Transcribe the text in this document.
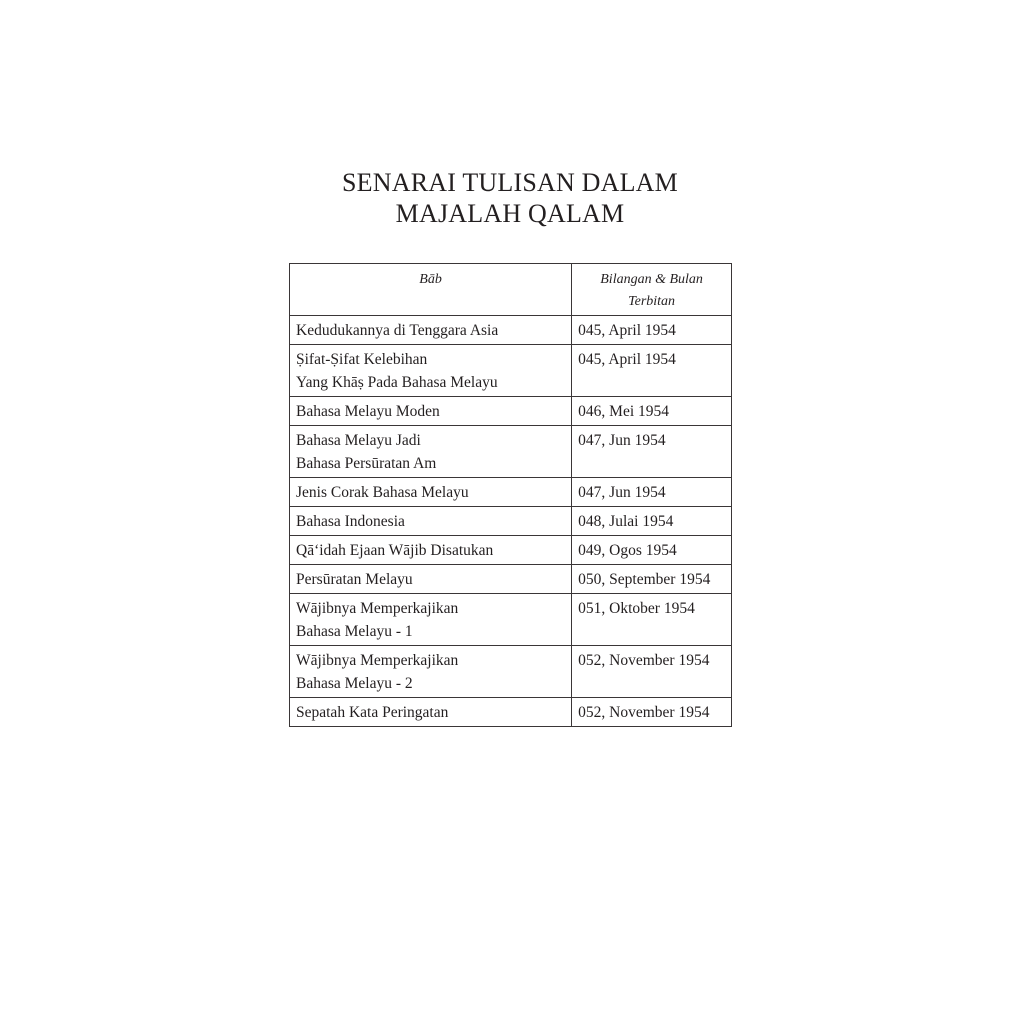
SENARAI TULISAN DALAM
MAJALAH QALAM
Bāb	Bilangan & Bulan
Terbitan

Kedudukannya di Tenggara Asia	045, April 1954

Ṣifat-Ṣifat Kelebihan
Yang Khāṣ Pada Bahasa Melayu	045, April 1954

Bahasa Melayu Moden	046, Mei 1954

Bahasa Melayu Jadi
Bahasa Persūratan Am	047, Jun 1954

Jenis Corak Bahasa Melayu	047, Jun 1954

Bahasa Indonesia	048, Julai 1954

Qā‘idah Ejaan Wājib Disatukan	049, Ogos 1954

Persūratan Melayu	050, September 1954

Wājibnya Memperkajikan
Bahasa Melayu - 1	051, Oktober 1954

Wājibnya Memperkajikan
Bahasa Melayu - 2	052, November 1954

Sepatah Kata Peringatan	052, November 1954
